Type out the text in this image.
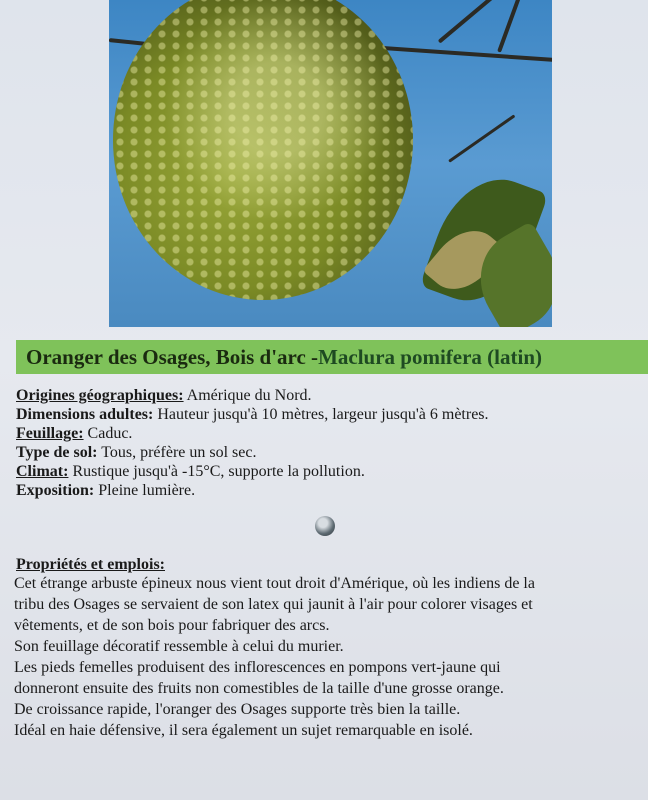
Oranger des Osages, Bois d'arc - Maclura pomifera (latin)
Origines géographiques: Amérique du Nord.
Dimensions adultes: Hauteur jusqu'à 10 mètres, largeur jusqu'à 6 mètres.
Feuillage: Caduc.
Type de sol: Tous, préfère un sol sec.
Climat: Rustique jusqu'à -15°C, supporte la pollution.
Exposition: Pleine lumière.
Propriétés et emplois:
Cet étrange arbuste épineux nous vient tout droit d'Amérique, où les indiens de la
tribu des Osages se servaient de son latex qui jaunit à l'air pour colorer visages et
vêtements, et de son bois pour fabriquer des arcs.
Son feuillage décoratif ressemble à celui du murier.
Les pieds femelles produisent des inflorescences en pompons vert-jaune qui
donneront ensuite des fruits non comestibles de la taille d'une grosse orange.
De croissance rapide, l'oranger des Osages supporte très bien la taille.
Idéal en haie défensive, il sera également un sujet remarquable en isolé.
